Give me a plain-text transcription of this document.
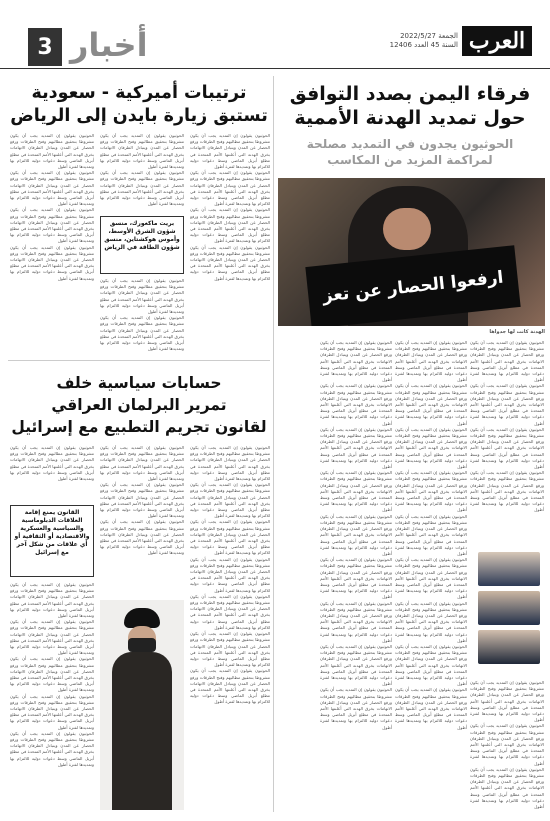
3 أخبار	الجمعة 2022/5/27
السنة 45 العدد 12406 العرب
فرقاء اليمن بصدد التوافق
حول تمديد الهدنة الأممية
الحوثيون يجدون في التمديد مصلحة
لمراكمة المزيد من المكاسب
ارفعوا الحصار عن تعز
الهدنة كانت لها جدواها
الحوثيون يقولون إن التمديد يجب أن يكون مشروطا بتحقيق مطالبهم وفتح الطرقات ورفع الحصار عن المدن ويتبادل الطرفان الاتهامات بخرق الهدنة التي أعلنتها الأمم المتحدة في مطلع أبريل الماضي وسط دعوات دولية للالتزام بها وتمديدها لفترة أطول
الحوثيون يقولون إن التمديد يجب أن يكون مشروطا بتحقيق مطالبهم وفتح الطرقات ورفع الحصار عن المدن ويتبادل الطرفان الاتهامات بخرق الهدنة التي أعلنتها الأمم المتحدة في مطلع أبريل الماضي وسط دعوات دولية للالتزام بها وتمديدها لفترة أطول
الحوثيون يقولون إن التمديد يجب أن يكون مشروطا بتحقيق مطالبهم وفتح الطرقات ورفع الحصار عن المدن ويتبادل الطرفان الاتهامات بخرق الهدنة التي أعلنتها الأمم المتحدة في مطلع أبريل الماضي وسط دعوات دولية للالتزام بها وتمديدها لفترة أطول
الحوثيون يقولون إن التمديد يجب أن يكون مشروطا بتحقيق مطالبهم وفتح الطرقات ورفع الحصار عن المدن ويتبادل الطرفان الاتهامات بخرق الهدنة التي أعلنتها الأمم المتحدة في مطلع أبريل الماضي وسط دعوات دولية للالتزام بها وتمديدها لفترة أطول
الحوثيون يقولون إن التمديد يجب أن يكون مشروطا بتحقيق مطالبهم وفتح الطرقات ورفع الحصار عن المدن ويتبادل الطرفان الاتهامات بخرق الهدنة التي أعلنتها الأمم المتحدة في مطلع أبريل الماضي وسط دعوات دولية للالتزام بها وتمديدها لفترة أطول
الحوثيون يقولون إن التمديد يجب أن يكون مشروطا بتحقيق مطالبهم وفتح الطرقات ورفع الحصار عن المدن ويتبادل الطرفان الاتهامات بخرق الهدنة التي أعلنتها الأمم المتحدة في مطلع أبريل الماضي وسط دعوات دولية للالتزام بها وتمديدها لفترة أطول
الحوثيون يقولون إن التمديد يجب أن يكون مشروطا بتحقيق مطالبهم وفتح الطرقات ورفع الحصار عن المدن ويتبادل الطرفان الاتهامات بخرق الهدنة التي أعلنتها الأمم المتحدة في مطلع أبريل الماضي وسط دعوات دولية للالتزام بها وتمديدها لفترة أطول
الحوثيون يقولون إن التمديد يجب أن يكون مشروطا بتحقيق مطالبهم وفتح الطرقات ورفع الحصار عن المدن ويتبادل الطرفان الاتهامات بخرق الهدنة التي أعلنتها الأمم المتحدة في مطلع أبريل الماضي وسط دعوات دولية للالتزام بها وتمديدها لفترة أطول
الحوثيون يقولون إن التمديد يجب أن يكون مشروطا بتحقيق مطالبهم وفتح الطرقات ورفع الحصار عن المدن ويتبادل الطرفان الاتهامات بخرق الهدنة التي أعلنتها الأمم المتحدة في مطلع أبريل الماضي وسط دعوات دولية للالتزام بها وتمديدها لفترة أطول
الحوثيون يقولون إن التمديد يجب أن يكون مشروطا بتحقيق مطالبهم وفتح الطرقات ورفع الحصار عن المدن ويتبادل الطرفان الاتهامات بخرق الهدنة التي أعلنتها الأمم المتحدة في مطلع أبريل الماضي وسط دعوات دولية للالتزام بها وتمديدها لفترة أطول
الحوثيون يقولون إن التمديد يجب أن يكون مشروطا بتحقيق مطالبهم وفتح الطرقات ورفع الحصار عن المدن ويتبادل الطرفان الاتهامات بخرق الهدنة التي أعلنتها الأمم المتحدة في مطلع أبريل الماضي وسط دعوات دولية للالتزام بها وتمديدها لفترة أطول
الحوثيون يقولون إن التمديد يجب أن يكون مشروطا بتحقيق مطالبهم وفتح الطرقات ورفع الحصار عن المدن ويتبادل الطرفان الاتهامات بخرق الهدنة التي أعلنتها الأمم المتحدة في مطلع أبريل الماضي وسط دعوات دولية للالتزام بها وتمديدها لفترة أطول
الحوثيون يقولون إن التمديد يجب أن يكون مشروطا بتحقيق مطالبهم وفتح الطرقات ورفع الحصار عن المدن ويتبادل الطرفان الاتهامات بخرق الهدنة التي أعلنتها الأمم المتحدة في مطلع أبريل الماضي وسط دعوات دولية للالتزام بها وتمديدها لفترة أطول
الحوثيون يقولون إن التمديد يجب أن يكون مشروطا بتحقيق مطالبهم وفتح الطرقات ورفع الحصار عن المدن ويتبادل الطرفان الاتهامات بخرق الهدنة التي أعلنتها الأمم المتحدة في مطلع أبريل الماضي وسط دعوات دولية للالتزام بها وتمديدها لفترة أطول
الحوثيون يقولون إن التمديد يجب أن يكون مشروطا بتحقيق مطالبهم وفتح الطرقات ورفع الحصار عن المدن ويتبادل الطرفان الاتهامات بخرق الهدنة التي أعلنتها الأمم المتحدة في مطلع أبريل الماضي وسط دعوات دولية للالتزام بها وتمديدها لفترة أطول
الحوثيون يقولون إن التمديد يجب أن يكون مشروطا بتحقيق مطالبهم وفتح الطرقات ورفع الحصار عن المدن ويتبادل الطرفان الاتهامات بخرق الهدنة التي أعلنتها الأمم المتحدة في مطلع أبريل الماضي وسط دعوات دولية للالتزام بها وتمديدها لفترة أطول
الحوثيون يقولون إن التمديد يجب أن يكون مشروطا بتحقيق مطالبهم وفتح الطرقات ورفع الحصار عن المدن ويتبادل الطرفان الاتهامات بخرق الهدنة التي أعلنتها الأمم المتحدة في مطلع أبريل الماضي وسط دعوات دولية للالتزام بها وتمديدها لفترة أطول
الحوثيون يقولون إن التمديد يجب أن يكون مشروطا بتحقيق مطالبهم وفتح الطرقات ورفع الحصار عن المدن ويتبادل الطرفان الاتهامات بخرق الهدنة التي أعلنتها الأمم المتحدة في مطلع أبريل الماضي وسط دعوات دولية للالتزام بها وتمديدها لفترة أطول
الحوثيون يقولون إن التمديد يجب أن يكون مشروطا بتحقيق مطالبهم وفتح الطرقات ورفع الحصار عن المدن ويتبادل الطرفان الاتهامات بخرق الهدنة التي أعلنتها الأمم المتحدة في مطلع أبريل الماضي وسط دعوات دولية للالتزام بها وتمديدها لفترة أطول
الحوثيون يقولون إن التمديد يجب أن يكون مشروطا بتحقيق مطالبهم وفتح الطرقات ورفع الحصار عن المدن ويتبادل الطرفان الاتهامات بخرق الهدنة التي أعلنتها الأمم المتحدة في مطلع أبريل الماضي وسط دعوات دولية للالتزام بها وتمديدها لفترة أطول
الحوثيون يقولون إن التمديد يجب أن يكون مشروطا بتحقيق مطالبهم وفتح الطرقات ورفع الحصار عن المدن ويتبادل الطرفان الاتهامات بخرق الهدنة التي أعلنتها الأمم المتحدة في مطلع أبريل الماضي وسط دعوات دولية للالتزام بها وتمديدها لفترة أطول
الحوثيون يقولون إن التمديد يجب أن يكون مشروطا بتحقيق مطالبهم وفتح الطرقات ورفع الحصار عن المدن ويتبادل الطرفان الاتهامات بخرق الهدنة التي أعلنتها الأمم المتحدة في مطلع أبريل الماضي وسط دعوات دولية للالتزام بها وتمديدها لفترة أطول
الحوثيون يقولون إن التمديد يجب أن يكون مشروطا بتحقيق مطالبهم وفتح الطرقات ورفع الحصار عن المدن ويتبادل الطرفان الاتهامات بخرق الهدنة التي أعلنتها الأمم المتحدة في مطلع أبريل الماضي وسط دعوات دولية للالتزام بها وتمديدها لفترة أطول
الحوثيون يقولون إن التمديد يجب أن يكون مشروطا بتحقيق مطالبهم وفتح الطرقات ورفع الحصار عن المدن ويتبادل الطرفان الاتهامات بخرق الهدنة التي أعلنتها الأمم المتحدة في مطلع أبريل الماضي وسط دعوات دولية للالتزام بها وتمديدها لفترة أطول
الحوثيون يقولون إن التمديد يجب أن يكون مشروطا بتحقيق مطالبهم وفتح الطرقات ورفع الحصار عن المدن ويتبادل الطرفان الاتهامات بخرق الهدنة التي أعلنتها الأمم المتحدة في مطلع أبريل الماضي وسط دعوات دولية للالتزام بها وتمديدها لفترة أطول
ترتيبات أميركية - سعودية
تستبق زيارة بايدن إلى الرياض
الحوثيون يقولون إن التمديد يجب أن يكون مشروطا بتحقيق مطالبهم وفتح الطرقات ورفع الحصار عن المدن ويتبادل الطرفان الاتهامات بخرق الهدنة التي أعلنتها الأمم المتحدة في مطلع أبريل الماضي وسط دعوات دولية للالتزام بها وتمديدها لفترة أطول
الحوثيون يقولون إن التمديد يجب أن يكون مشروطا بتحقيق مطالبهم وفتح الطرقات ورفع الحصار عن المدن ويتبادل الطرفان الاتهامات بخرق الهدنة التي أعلنتها الأمم المتحدة في مطلع أبريل الماضي وسط دعوات دولية للالتزام بها وتمديدها لفترة أطول
الحوثيون يقولون إن التمديد يجب أن يكون مشروطا بتحقيق مطالبهم وفتح الطرقات ورفع الحصار عن المدن ويتبادل الطرفان الاتهامات بخرق الهدنة التي أعلنتها الأمم المتحدة في مطلع أبريل الماضي وسط دعوات دولية للالتزام بها وتمديدها لفترة أطول
الحوثيون يقولون إن التمديد يجب أن يكون مشروطا بتحقيق مطالبهم وفتح الطرقات ورفع الحصار عن المدن ويتبادل الطرفان الاتهامات بخرق الهدنة التي أعلنتها الأمم المتحدة في مطلع أبريل الماضي وسط دعوات دولية للالتزام بها وتمديدها لفترة أطول
الحوثيون يقولون إن التمديد يجب أن يكون مشروطا بتحقيق مطالبهم وفتح الطرقات ورفع الحصار عن المدن ويتبادل الطرفان الاتهامات بخرق الهدنة التي أعلنتها الأمم المتحدة في مطلع أبريل الماضي وسط دعوات دولية للالتزام بها وتمديدها لفترة أطول
الحوثيون يقولون إن التمديد يجب أن يكون مشروطا بتحقيق مطالبهم وفتح الطرقات ورفع الحصار عن المدن ويتبادل الطرفان الاتهامات بخرق الهدنة التي أعلنتها الأمم المتحدة في مطلع أبريل الماضي وسط دعوات دولية للالتزام بها وتمديدها لفترة أطول
بريت ماكغورك، منسق شؤون الشرق الأوسط، وأموس هوكشتاين، منسق شؤون الطاقة في الرياض
الحوثيون يقولون إن التمديد يجب أن يكون مشروطا بتحقيق مطالبهم وفتح الطرقات ورفع الحصار عن المدن ويتبادل الطرفان الاتهامات بخرق الهدنة التي أعلنتها الأمم المتحدة في مطلع أبريل الماضي وسط دعوات دولية للالتزام بها وتمديدها لفترة أطول
الحوثيون يقولون إن التمديد يجب أن يكون مشروطا بتحقيق مطالبهم وفتح الطرقات ورفع الحصار عن المدن ويتبادل الطرفان الاتهامات بخرق الهدنة التي أعلنتها الأمم المتحدة في مطلع أبريل الماضي وسط دعوات دولية للالتزام بها وتمديدها لفترة أطول
الحوثيون يقولون إن التمديد يجب أن يكون مشروطا بتحقيق مطالبهم وفتح الطرقات ورفع الحصار عن المدن ويتبادل الطرفان الاتهامات بخرق الهدنة التي أعلنتها الأمم المتحدة في مطلع أبريل الماضي وسط دعوات دولية للالتزام بها وتمديدها لفترة أطول
الحوثيون يقولون إن التمديد يجب أن يكون مشروطا بتحقيق مطالبهم وفتح الطرقات ورفع الحصار عن المدن ويتبادل الطرفان الاتهامات بخرق الهدنة التي أعلنتها الأمم المتحدة في مطلع أبريل الماضي وسط دعوات دولية للالتزام بها وتمديدها لفترة أطول
الحوثيون يقولون إن التمديد يجب أن يكون مشروطا بتحقيق مطالبهم وفتح الطرقات ورفع الحصار عن المدن ويتبادل الطرفان الاتهامات بخرق الهدنة التي أعلنتها الأمم المتحدة في مطلع أبريل الماضي وسط دعوات دولية للالتزام بها وتمديدها لفترة أطول
الحوثيون يقولون إن التمديد يجب أن يكون مشروطا بتحقيق مطالبهم وفتح الطرقات ورفع الحصار عن المدن ويتبادل الطرفان الاتهامات بخرق الهدنة التي أعلنتها الأمم المتحدة في مطلع أبريل الماضي وسط دعوات دولية للالتزام بها وتمديدها لفترة أطول
حسابات سياسية خلف
تمرير البرلمان العراقي
لقانون تجريم التطبيع مع إسرائيل
الحوثيون يقولون إن التمديد يجب أن يكون مشروطا بتحقيق مطالبهم وفتح الطرقات ورفع الحصار عن المدن ويتبادل الطرفان الاتهامات بخرق الهدنة التي أعلنتها الأمم المتحدة في مطلع أبريل الماضي وسط دعوات دولية للالتزام بها وتمديدها لفترة أطول
الحوثيون يقولون إن التمديد يجب أن يكون مشروطا بتحقيق مطالبهم وفتح الطرقات ورفع الحصار عن المدن ويتبادل الطرفان الاتهامات بخرق الهدنة التي أعلنتها الأمم المتحدة في مطلع أبريل الماضي وسط دعوات دولية للالتزام بها وتمديدها لفترة أطول
الحوثيون يقولون إن التمديد يجب أن يكون مشروطا بتحقيق مطالبهم وفتح الطرقات ورفع الحصار عن المدن ويتبادل الطرفان الاتهامات بخرق الهدنة التي أعلنتها الأمم المتحدة في مطلع أبريل الماضي وسط دعوات دولية للالتزام بها وتمديدها لفترة أطول
الحوثيون يقولون إن التمديد يجب أن يكون مشروطا بتحقيق مطالبهم وفتح الطرقات ورفع الحصار عن المدن ويتبادل الطرفان الاتهامات بخرق الهدنة التي أعلنتها الأمم المتحدة في مطلع أبريل الماضي وسط دعوات دولية للالتزام بها وتمديدها لفترة أطول
الحوثيون يقولون إن التمديد يجب أن يكون مشروطا بتحقيق مطالبهم وفتح الطرقات ورفع الحصار عن المدن ويتبادل الطرفان الاتهامات بخرق الهدنة التي أعلنتها الأمم المتحدة في مطلع أبريل الماضي وسط دعوات دولية للالتزام بها وتمديدها لفترة أطول
الحوثيون يقولون إن التمديد يجب أن يكون مشروطا بتحقيق مطالبهم وفتح الطرقات ورفع الحصار عن المدن ويتبادل الطرفان الاتهامات بخرق الهدنة التي أعلنتها الأمم المتحدة في مطلع أبريل الماضي وسط دعوات دولية للالتزام بها وتمديدها لفترة أطول
الحوثيون يقولون إن التمديد يجب أن يكون مشروطا بتحقيق مطالبهم وفتح الطرقات ورفع الحصار عن المدن ويتبادل الطرفان الاتهامات بخرق الهدنة التي أعلنتها الأمم المتحدة في مطلع أبريل الماضي وسط دعوات دولية للالتزام بها وتمديدها لفترة أطول
الحوثيون يقولون إن التمديد يجب أن يكون مشروطا بتحقيق مطالبهم وفتح الطرقات ورفع الحصار عن المدن ويتبادل الطرفان الاتهامات بخرق الهدنة التي أعلنتها الأمم المتحدة في مطلع أبريل الماضي وسط دعوات دولية للالتزام بها وتمديدها لفترة أطول
الحوثيون يقولون إن التمديد يجب أن يكون مشروطا بتحقيق مطالبهم وفتح الطرقات ورفع الحصار عن المدن ويتبادل الطرفان الاتهامات بخرق الهدنة التي أعلنتها الأمم المتحدة في مطلع أبريل الماضي وسط دعوات دولية للالتزام بها وتمديدها لفترة أطول
الحوثيون يقولون إن التمديد يجب أن يكون مشروطا بتحقيق مطالبهم وفتح الطرقات ورفع الحصار عن المدن ويتبادل الطرفان الاتهامات بخرق الهدنة التي أعلنتها الأمم المتحدة في مطلع أبريل الماضي وسط دعوات دولية للالتزام بها وتمديدها لفترة أطول
الحوثيون يقولون إن التمديد يجب أن يكون مشروطا بتحقيق مطالبهم وفتح الطرقات ورفع الحصار عن المدن ويتبادل الطرفان الاتهامات بخرق الهدنة التي أعلنتها الأمم المتحدة في مطلع أبريل الماضي وسط دعوات دولية للالتزام بها وتمديدها لفترة أطول
القانون يمنع إقامة العلاقات الدبلوماسية والسياسية والعسكرية والاقتصادية أو الثقافية أو أي علاقات من شكل آخر مع إسرائيل
الحوثيون يقولون إن التمديد يجب أن يكون مشروطا بتحقيق مطالبهم وفتح الطرقات ورفع الحصار عن المدن ويتبادل الطرفان الاتهامات بخرق الهدنة التي أعلنتها الأمم المتحدة في مطلع أبريل الماضي وسط دعوات دولية للالتزام بها وتمديدها لفترة أطول
الحوثيون يقولون إن التمديد يجب أن يكون مشروطا بتحقيق مطالبهم وفتح الطرقات ورفع الحصار عن المدن ويتبادل الطرفان الاتهامات بخرق الهدنة التي أعلنتها الأمم المتحدة في مطلع أبريل الماضي وسط دعوات دولية للالتزام بها وتمديدها لفترة أطول
الحوثيون يقولون إن التمديد يجب أن يكون مشروطا بتحقيق مطالبهم وفتح الطرقات ورفع الحصار عن المدن ويتبادل الطرفان الاتهامات بخرق الهدنة التي أعلنتها الأمم المتحدة في مطلع أبريل الماضي وسط دعوات دولية للالتزام بها وتمديدها لفترة أطول
الحوثيون يقولون إن التمديد يجب أن يكون مشروطا بتحقيق مطالبهم وفتح الطرقات ورفع الحصار عن المدن ويتبادل الطرفان الاتهامات بخرق الهدنة التي أعلنتها الأمم المتحدة في مطلع أبريل الماضي وسط دعوات دولية للالتزام بها وتمديدها لفترة أطول
الحوثيون يقولون إن التمديد يجب أن يكون مشروطا بتحقيق مطالبهم وفتح الطرقات ورفع الحصار عن المدن ويتبادل الطرفان الاتهامات بخرق الهدنة التي أعلنتها الأمم المتحدة في مطلع أبريل الماضي وسط دعوات دولية للالتزام بها وتمديدها لفترة أطول
